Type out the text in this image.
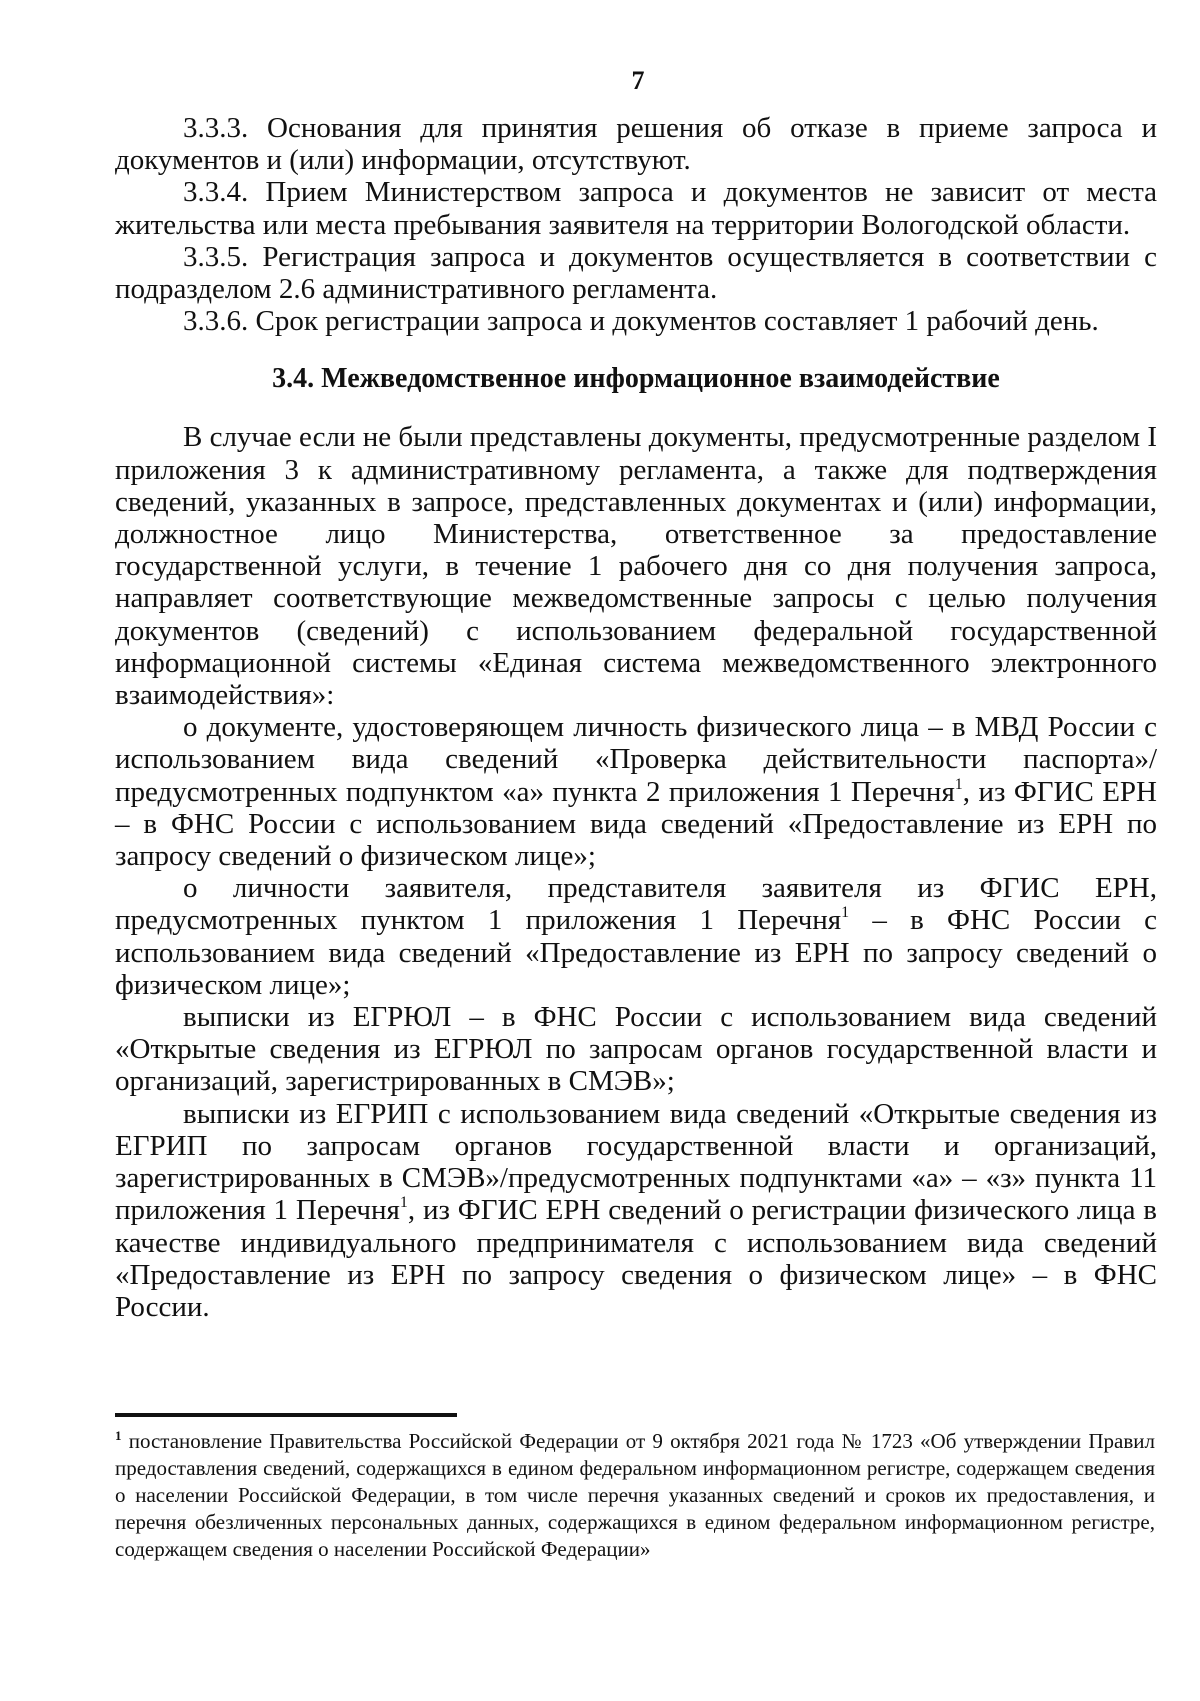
7

3.3.3. Основания для принятия решения об отказе в приеме запроса и документов и (или) информации, отсутствуют.

3.3.4. Прием Министерством запроса и документов не зависит от места жительства или места пребывания заявителя на территории Вологодской области.

3.3.5. Регистрация запроса и документов осуществляется в соответствии с подразделом 2.6 административного регламента.

3.3.6. Срок регистрации запроса и документов составляет 1 рабочий день.

3.4. Межведомственное информационное взаимодействие

В случае если не были представлены документы, предусмотренные разделом I приложения 3 к административному регламента, а также для подтверждения сведений, указанных в запросе, представленных документах и (или) информации, должностное лицо Министерства, ответственное за предоставление государственной услуги, в течение 1 рабочего дня со дня получения запроса, направляет соответствующие межведомственные запросы с целью получения документов (сведений) с использованием федеральной государственной информационной системы «Единая система межведомственного электронного взаимодействия»:

о документе, удостоверяющем личность физического лица – в МВД России с использованием вида сведений «Проверка действительности паспорта»/предусмотренных подпунктом «а» пункта 2 приложения 1 Перечня$^1$, из ФГИС ЕРН – в ФНС России с использованием вида сведений «Предоставление из ЕРН по запросу сведений о физическом лице»;

о личности заявителя, представителя заявителя из ФГИС ЕРН, предусмотренных пунктом 1 приложения 1 Перечня$^1$ – в ФНС России с использованием вида сведений «Предоставление из ЕРН по запросу сведений о физическом лице»;

выписки из ЕГРЮЛ – в ФНС России с использованием вида сведений «Открытые сведения из ЕГРЮЛ по запросам органов государственной власти и организаций, зарегистрированных в СМЭВ»;

выписки из ЕГРИП с использованием вида сведений «Открытые сведения из ЕГРИП по запросам органов государственной власти и организаций, зарегистрированных в СМЭВ»/предусмотренных подпунктами «а» – «з» пункта 11 приложения 1 Перечня$^1$, из ФГИС ЕРН сведений о регистрации физического лица в качестве индивидуального предпринимателя с использованием вида сведений «Предоставление из ЕРН по запросу сведения о физическом лице» – в ФНС России.

$^1$ постановление Правительства Российской Федерации от 9 октября 2021 года № 1723 «Об утверждении Правил предоставления сведений, содержащихся в едином федеральном информационном регистре, содержащем сведения о населении Российской Федерации, в том числе перечня указанных сведений и сроков их предоставления, и перечня обезличенных персональных данных, содержащихся в едином федеральном информационном регистре, содержащем сведения о населении Российской Федерации»
